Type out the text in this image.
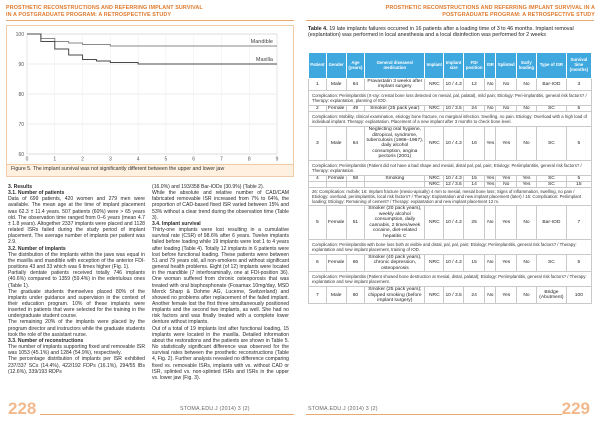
PROSTHETIC RECONSTRUCTIONS AND REFERRING IMPLANT SURVIVAL IN A POSTGRADUATE PROGRAM: A RETROSPECTIVE STUDY
60
70
80
90
100
0	1	2	3	4	5	6	7	8	9
Mandible
Maxilla
Figure 5. The implant survival was not significantly different between the upper and lower jaw

3. Results

3.1. Number of patients

Data of 699 patients, 420 women and 279 men were available. The mean age at the time of implant placement was 62.3 ± 11.4 years. 507 patients (60%) were > 65 years old. The observation time ranged from 0–6 years (mean 4.7 ± 1.8 years). Altogether 2337 implants were placed and 1128 related ISRs failed during the study period of implant placement. The average number of implants per patient was 2.9.

3.2. Number of implants

The distribution of the implants within the jaws was equal in the maxilla and mandible with exception of the anterior FDI-positions 43 and 33 which was 6 times higher (Fig. 1).

Partially dentate patients received totally 746 implants (40.6%) compared to 1359 (59.4%) in the edentulous ones (Table 1).

The graduate students themselves placed 80% of the implants under guidance and supervision in the context of their education program. 10% of these implants were inserted in patients that were selected for the training in the undergraduate student course.

The remaining 20% of the implants were placed by the program director and instructors while the graduate students took the role of the assistant nurse.

3.3. Number of reconstructions

The number of implants supporting fixed and removable ISR was 1053 (45.1%) and 1284 (54.9%), respectively.

The percentage distribution of implants per ISR exhibited 237/337 SCs (14.4%), 422/192 FDPs (16.1%), 294/55 IBs (12.6%), 339/193 RDPs

(16.0%) and 193/358 Bar-IODs (30.9%) (Table 2).

While the absolute and relative number of CAD/CAM fabricated removable ISR increased from 7% to 64%, the proportion of CAD-based fixed ISR varied between 15% and 53% without a clear trend during the observation time (Table 3).

3.4. Implant survival

Thirty-one implants were lost resulting in a cumulative survival rate (CSR) of 98.6% after 6 years. Twelve implants failed before loading while 19 implants were lost 1 to 4 years after loading (Table 4). Totally 12 implants in 6 patients were lost before functional loading. These patients were between 51 and 79 years old, all non-smokers and without significant general health problems. Eight (of 12) implants were located in the mandible (7 interforaminally, one at FDI-position 36). One woman suffered from chronic osteoporosis that was treated with oral bisphosphonate (Fosamax 10mg/day, MSD Merck Sharp & Dohme AG, Lucerne, Switzerland) and showed no problems after replacement of the failed implant. Another female lost the first three simultaneously positioned implants and the second two implants, as well. She had no risk factors and was finally treated with a complete lower denture without implants.

Out of a total of 19 implants lost after functional loading, 15 implants were located in the maxilla. Detailed information about the restorations and the patients are shown in Table 5. No statistically significant difference was observed for the survival rates between the prosthetic reconstructions (Table 4, Fig. 2). Further analysis revealed no difference comparing fixed vs. removable ISRs, implants with vs. without CAD or ISR, splinted vs. non-splinted ISRs and ISRs in the upper vs. lower jaw (Fig. 3).

STOMA.EDU.J (2014) 3 (2)
228
PROSTHETIC RECONSTRUCTIONS AND REFERRING IMPLANT SURVIVAL IN A POSTGRADUATE PROGRAM: A RETROSPECTIVE STUDY
Table 4. 19 late implants failures occurred in 16 patients after a loading time of 3 to 46 months. Implant removal (explantation) was performed in local anesthesia and a local disinfection was performed for 2 weeks
Patient	Gender	Age (years)	General diseases/ medication	Implant	Implant size	FDI position	ISR	Splinted	Early loading	Type of ISR	Survival time (months)
1	Male	64	Pravastatin 3 weeks after implant surgery	NRC	10 / 4.3	12	No	No	No	Bar-IOD	3
Complication: Periimplantitis (X-ray: crestal bone loss detected on mesial, pal, palatal), mild pain; Etiology: Peri-implantitis, general risk factors? / Therapy: explantation, planning of IOD.											
2	Female	49	Smoker (25 pack year)	NRC	10 / 3.5	24	No	No	No	SC	5
Complication: Mobility, clinical examination, etiology bone fracture, no marginal infection. Swelling, no pain. Etiology: Overload with a high load of individual implant. Therapy: explantation. Placement of a new implant after 3 months to check bone level.											
3	Male	64	Neglecting oral hygiene, ditropical, syndrome, tuberculosis (1966–1967), daily alcohol consumption, angina pectoris (2001)	NRC	10 / 4.3	16	Yes	Yes	No	SC	5
Complication: Periimplantitis (Patient did not have a bad shape and mesial, distal pal, pal, pain; Etiology: Periimplantitis, general risk factors? / Therapy: explantation.											
4	Female	58	Smoking	NRC	10 / 4.3	15	Yes	Yes	Yes	SC	5
				NRC	12 / 3.5	14	Yes	No	Yes	SC	15
26: Complication: mobile; 16: Implant fracture (mesio-apically) 4 mm to mesial, mesial bone loss; Signs of inflammation, swelling, no pain / Etiology: overload, periimplantitis, local risk factors? / Therapy: Explantation and new implant placement (later) / 16: Complication: Periimplant loading; Etiology: Remaining of cement? / Therapy: explantation and new implant placement 12 m.											
5	Female	51	Smoker (20 pack years), weekly alcohol consumption, daily cannabis, 2 times/week cocaine, diet-related hepatitis C	NRC	10 / 4.3	25	No	Yes	No	Bar-IOD	7
Complication: Periimplantitis with bone loss both at visible and distal, pal, pal, pain; Etiology: Periimplantitis, general risk factors? / Therapy: explantation and new implant placement, training of IOD.											
6	Female	66	Smoker (40 pack years), chronic depression, osteoporosis	NRC	10 / 4.3	15	No	Yes	No	SC	5
Complication: Periimplantitis (Patient showed bone destruction at mesial, distal, palatal); Etiology: Periimplantitis, general risk factors? / Therapy: explantation and new implant placement.											
7	Male	60	Smoker (25 pack years); chipped smoking (before implant surgery)	NRC	10 / 3.5	24	No	Yes	No	Bridge (Abutment)	100
STOMA.EDU.J (2014) 3 (2)	229
